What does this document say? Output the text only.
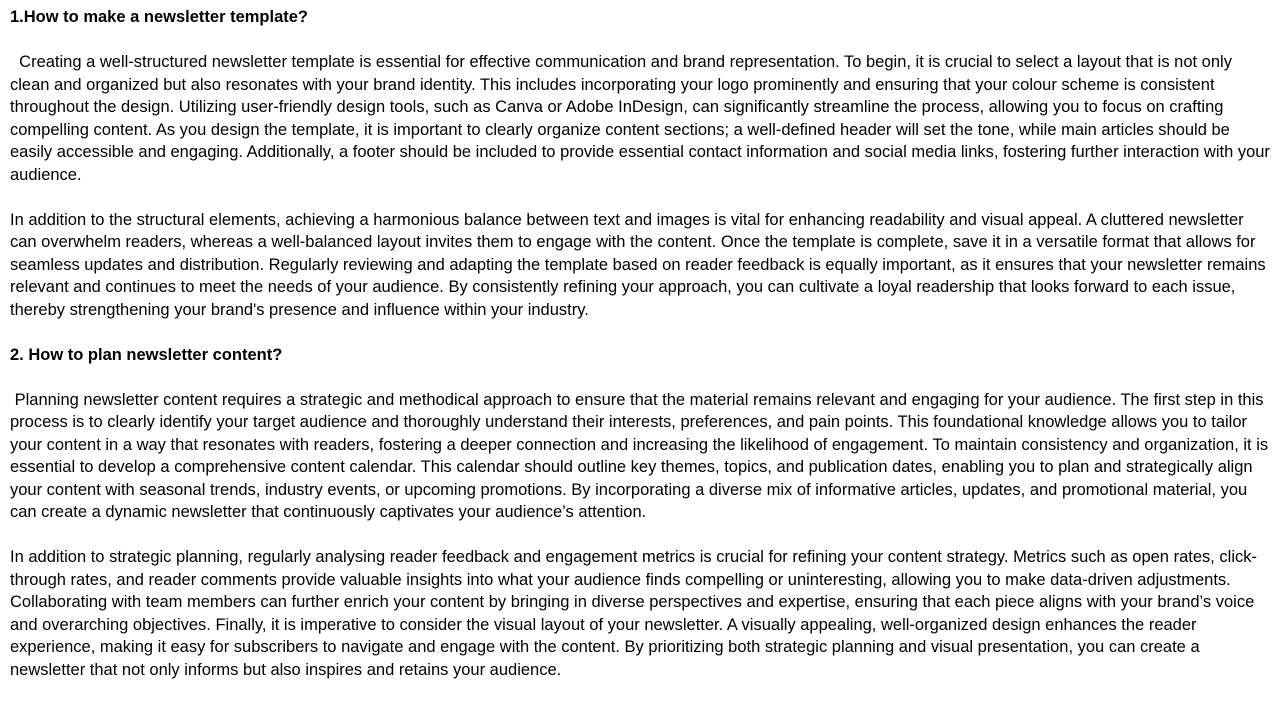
1.How to make a newsletter template?

Creating a well-structured newsletter template is essential for effective communication and brand representation. To begin, it is crucial to select a layout that is not only clean and organized but also resonates with your brand identity. This includes incorporating your logo prominently and ensuring that your colour scheme is consistent throughout the design. Utilizing user-friendly design tools, such as Canva or Adobe InDesign, can significantly streamline the process, allowing you to focus on crafting compelling content. As you design the template, it is important to clearly organize content sections; a well-defined header will set the tone, while main articles should be easily accessible and engaging. Additionally, a footer should be included to provide essential contact information and social media links, fostering further interaction with your audience.

In addition to the structural elements, achieving a harmonious balance between text and images is vital for enhancing readability and visual appeal. A cluttered newsletter can overwhelm readers, whereas a well-balanced layout invites them to engage with the content. Once the template is complete, save it in a versatile format that allows for seamless updates and distribution. Regularly reviewing and adapting the template based on reader feedback is equally important, as it ensures that your newsletter remains relevant and continues to meet the needs of your audience. By consistently refining your approach, you can cultivate a loyal readership that looks forward to each issue, thereby strengthening your brand's presence and influence within your industry.

2. How to plan newsletter content?

Planning newsletter content requires a strategic and methodical approach to ensure that the material remains relevant and engaging for your audience. The first step in this process is to clearly identify your target audience and thoroughly understand their interests, preferences, and pain points. This foundational knowledge allows you to tailor your content in a way that resonates with readers, fostering a deeper connection and increasing the likelihood of engagement. To maintain consistency and organization, it is essential to develop a comprehensive content calendar. This calendar should outline key themes, topics, and publication dates, enabling you to plan and strategically align your content with seasonal trends, industry events, or upcoming promotions. By incorporating a diverse mix of informative articles, updates, and promotional material, you can create a dynamic newsletter that continuously captivates your audience’s attention.

In addition to strategic planning, regularly analysing reader feedback and engagement metrics is crucial for refining your content strategy. Metrics such as open rates, click-through rates, and reader comments provide valuable insights into what your audience finds compelling or uninteresting, allowing you to make data-driven adjustments. Collaborating with team members can further enrich your content by bringing in diverse perspectives and expertise, ensuring that each piece aligns with your brand’s voice and overarching objectives. Finally, it is imperative to consider the visual layout of your newsletter. A visually appealing, well-organized design enhances the reader experience, making it easy for subscribers to navigate and engage with the content. By prioritizing both strategic planning and visual presentation, you can create a newsletter that not only informs but also inspires and retains your audience.
